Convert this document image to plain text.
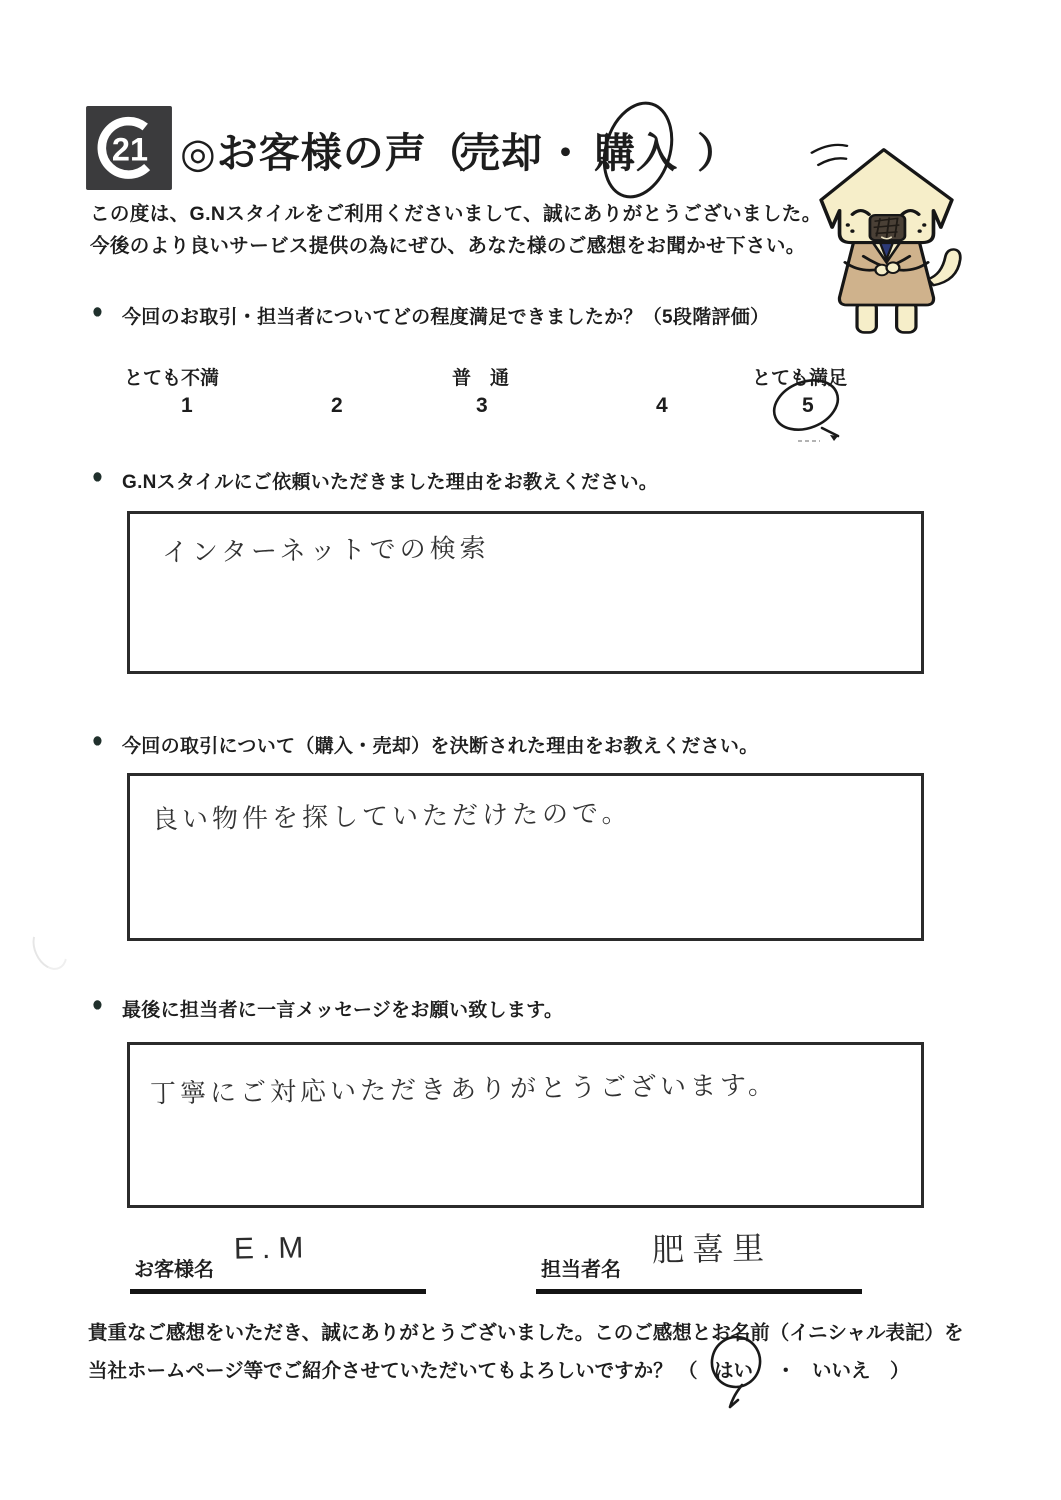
21 ◎お客様の声 （
売却 ・ 購入 ）
この度は、G.Nスタイルをご利用くださいまして、誠にありがとうございました。
今後のより良いサービス提供の為にぜひ、あなた様のご感想をお聞かせ下さい。
● 今回のお取引・担当者についてどの程度満足できましたか？（5段階評価）
とても不満	普　通	とても満足
1	2	3	4	5
● G.Nスタイルにご依頼いただきました理由をお教えください。
インターネットでの検索
● 今回の取引について（購入・売却）を決断された理由をお教えください。
良い物件を探していただけたので。
● 最後に担当者に一言メッセージをお願い致します。
丁寧にご対応いただきありがとうございます。
お客様名
E.M
担当者名
肥喜里
貴重なご感想をいただき、誠にありがとうございました。このご感想とお名前（イニシャル表記）を
当社ホームページ等でご紹介させていただいてもよろしいですか？ （ はい ・ いいえ ）
